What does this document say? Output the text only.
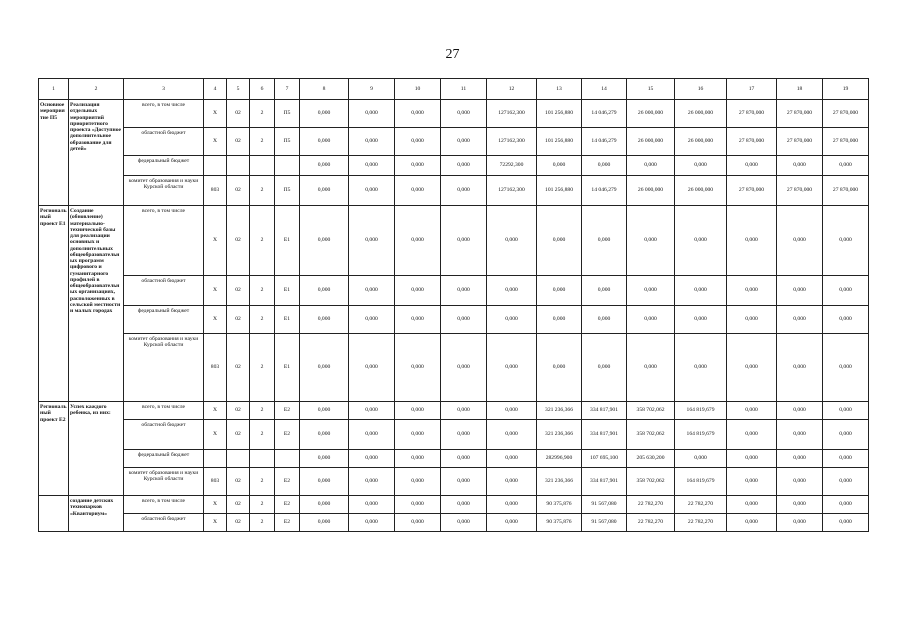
27
1	2	3	4	5	6	7	8	9	10	11	12	13	14	15	16	17	18	19
Основное мероприятие П5	Реализация отдельных мероприятий приоритетного проекта «Доступное дополнительное образование для детей»	всего, в том числе	Х	02	2	П5	0,000	0,000	0,000	0,000	127162,300	101 256,880	14 046,279	26 000,000	26 000,000	27 870,000	27 870,000	27 870,000
		областной бюджет	Х	02	2	П5	0,000	0,000	0,000	0,000	127162,300	101 256,880	14 046,279	26 000,000	26 000,000	27 870,000	27 870,000	27 870,000
		федеральный бюджет					0,000	0,000	0,000	0,000	72292,300	0,000	0,000	0,000	0,000	0,000	0,000	0,000
		комитет образования и науки Курской области	803	02	2	П5	0,000	0,000	0,000	0,000	127162,300	101 256,880	14 046,279	26 000,000	26 000,000	27 870,000	27 870,000	27 870,000
Региональный проект Е1	Создание (обновление) материально-технической базы для реализации основных и дополнительных общеобразовательных программ цифрового и гуманитарного профилей в общеобразовательных организациях, расположенных в сельской местности и малых городах	всего, в том числе	Х	02	2	Е1	0,000	0,000	0,000	0,000	0,000	0,000	0,000	0,000	0,000	0,000	0,000	0,000
		областной бюджет	Х	02	2	Е1	0,000	0,000	0,000	0,000	0,000	0,000	0,000	0,000	0,000	0,000	0,000	0,000
		федеральный бюджет	Х	02	2	Е1	0,000	0,000	0,000	0,000	0,000	0,000	0,000	0,000	0,000	0,000	0,000	0,000
		комитет образования и науки Курской области	803	02	2	Е1	0,000	0,000	0,000	0,000	0,000	0,000	0,000	0,000	0,000	0,000	0,000	0,000
Региональный проект Е2	Успех каждого ребенка, из них:	всего, в том числе	Х	02	2	Е2	0,000	0,000	0,000	0,000	0,000	321 236,366	334 817,901	358 702,062	164 819,679	0,000	0,000	0,000
		областной бюджет	Х	02	2	Е2	0,000	0,000	0,000	0,000	0,000	321 236,366	334 817,901	358 702,062	164 819,679	0,000	0,000	0,000
		федеральный бюджет					0,000	0,000	0,000	0,000	0,000	282996,900	107 695,100	205 630,200	0,000	0,000	0,000	0,000
		комитет образования и науки Курской области	803	02	2	Е2	0,000	0,000	0,000	0,000	0,000	321 236,366	334 817,901	358 702,062	164 819,679	0,000	0,000	0,000
	создание детских технопарков «Кванториум»	всего, в том числе	Х	02	2	Е2	0,000	0,000	0,000	0,000	0,000	90 375,876	91 567,080	22 782,270	22 782,270	0,000	0,000	0,000
		областной бюджет	Х	02	2	Е2	0,000	0,000	0,000	0,000	0,000	90 375,876	91 567,080	22 782,270	22 782,270	0,000	0,000	0,000
